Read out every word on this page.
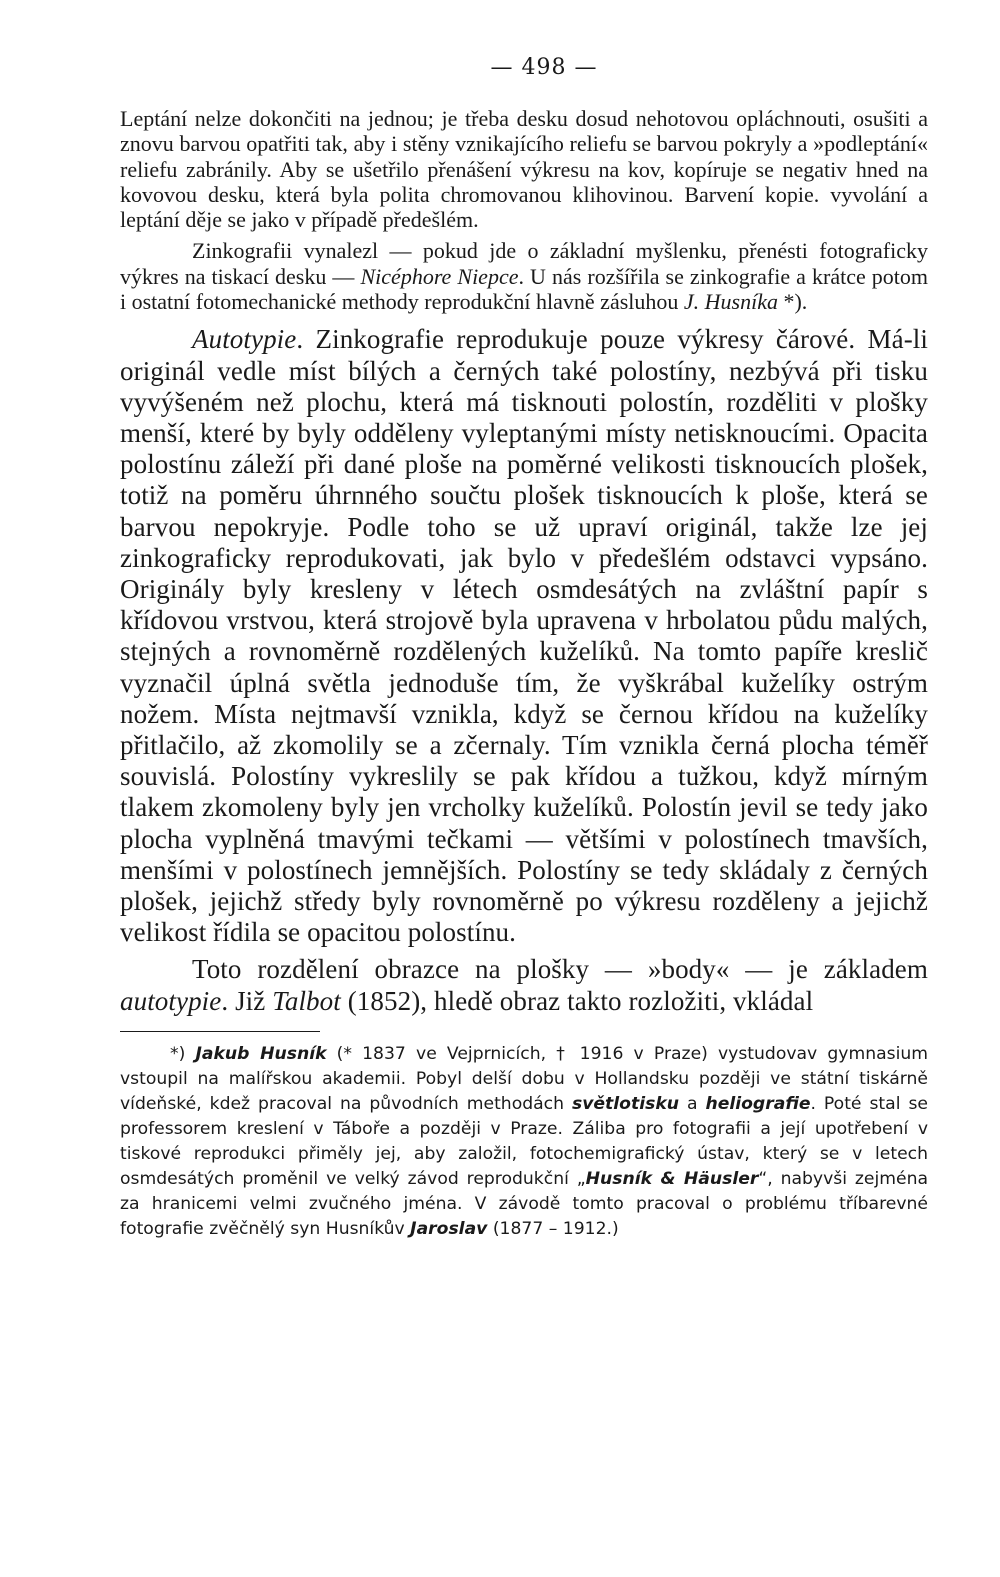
— 498 —

Leptání nelze dokončiti na jednou; je třeba desku dosud nehotovou opláchnouti, osušiti a znovu barvou opatřiti tak, aby i stěny vznikajícího reliefu se barvou pokryly a »podleptání« reliefu zabránily. Aby se ušetřilo přenášení výkresu na kov, kopíruje se negativ hned na kovovou desku, která byla polita chromovanou klihovinou. Barvení kopie. vyvolání a leptání děje se jako v případě předešlém.

Zinkografii vynalezl — pokud jde o základní myšlenku, přenésti fotograficky výkres na tiskací desku — Nicéphore Niepce. U nás rozšířila se zinkografie a krátce potom i ostatní fotomechanické methody reprodukční hlavně zásluhou J. Husníka *).

Autotypie. Zinkografie reprodukuje pouze výkresy čárové. Má-li originál vedle míst bílých a černých také polostíny, nezbývá při tisku vyvýšeném než plochu, která má tisknouti polostín, rozděliti v plošky menší, které by byly odděleny vyleptanými místy netisknoucími. Opacita polostínu záleží při dané ploše na poměrné velikosti tisknoucích plošek, totiž na poměru úhrnného součtu plošek tisknoucích k ploše, která se barvou nepokryje. Podle toho se už upraví originál, takže lze jej zinkograficky reprodukovati, jak bylo v předešlém odstavci vypsáno. Originály byly kresleny v létech osmdesátých na zvláštní papír s křídovou vrstvou, která strojově byla upravena v hrbolatou půdu malých, stejných a rovnoměrně rozdělených kuželíků. Na tomto papíře kreslič vyznačil úplná světla jednoduše tím, že vyškrábal kuželíky ostrým nožem. Místa nejtmavší vznikla, když se černou křídou na kuželíky přitlačilo, až zkomolily se a zčernaly. Tím vznikla černá plocha téměř souvislá. Polostíny vykreslily se pak křídou a tužkou, když mírným tlakem zkomoleny byly jen vrcholky kuželíků. Polostín jevil se tedy jako plocha vyplněná tmavými tečkami — většími v polostínech tmavších, menšími v polostínech jemnějších. Polostíny se tedy skládaly z černých plošek, jejichž středy byly rovnoměrně po výkresu rozděleny a jejichž velikost řídila se opacitou polostínu.

Toto rozdělení obrazce na plošky — »body« — je základem autotypie. Již Talbot (1852), hledě obraz takto rozložiti, vkládal

*) Jakub Husník (* 1837 ve Vejprnicích, † 1916 v Praze) vystudovav gymnasium vstoupil na malířskou akademii. Pobyl delší dobu v Hollandsku později ve státní tiskárně vídeňské, kdež pracoval na původních methodách světlotisku a heliografie. Poté stal se professorem kreslení v Táboře a později v Praze. Záliba pro fotografii a její upotřebení v tiskové reprodukci přiměly jej, aby založil, fotochemigrafický ústav, který se v letech osmdesátých proměnil ve velký závod reprodukční „Husník & Häusler“, nabyvši zejména za hranicemi velmi zvučného jména. V závodě tomto pracoval o problému tříbarevné fotografie zvěčnělý syn Husníkův Jaroslav (1877 – 1912.)
